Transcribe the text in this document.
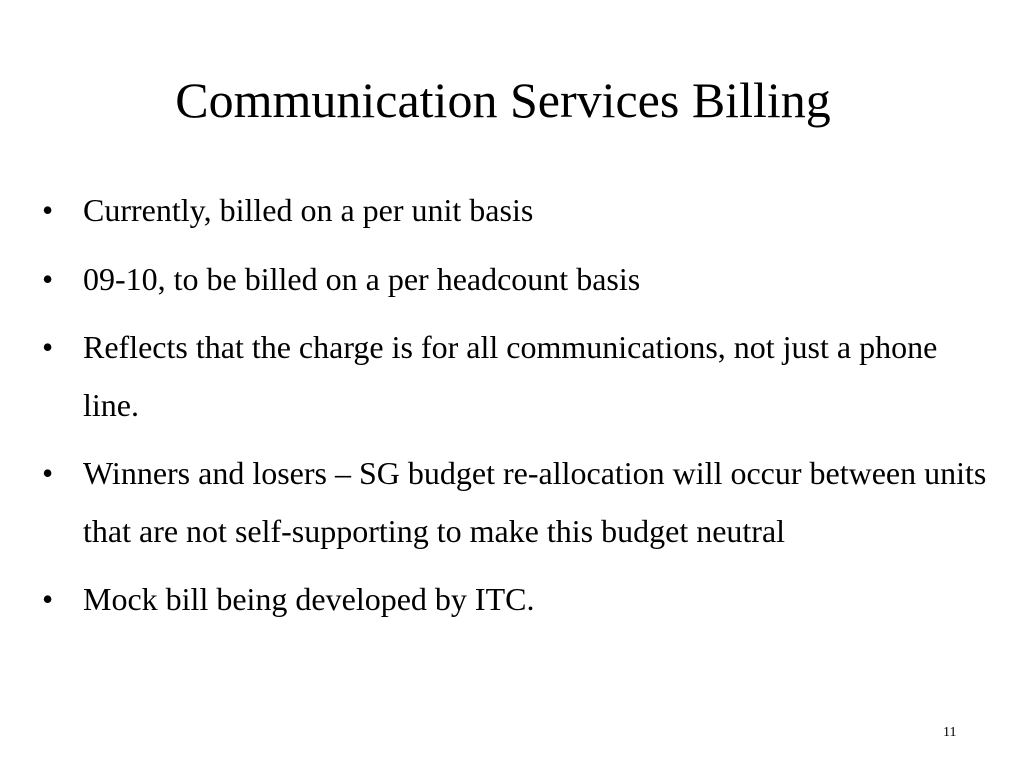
Communication Services Billing
• Currently, billed on a per unit basis
• 09-10, to be billed on a per headcount basis
• Reflects that the charge is for all communications, not just a phone line.
• Winners and losers – SG budget re-allocation will occur between units that are not self-supporting to make this budget neutral
• Mock bill being developed by ITC.
11
